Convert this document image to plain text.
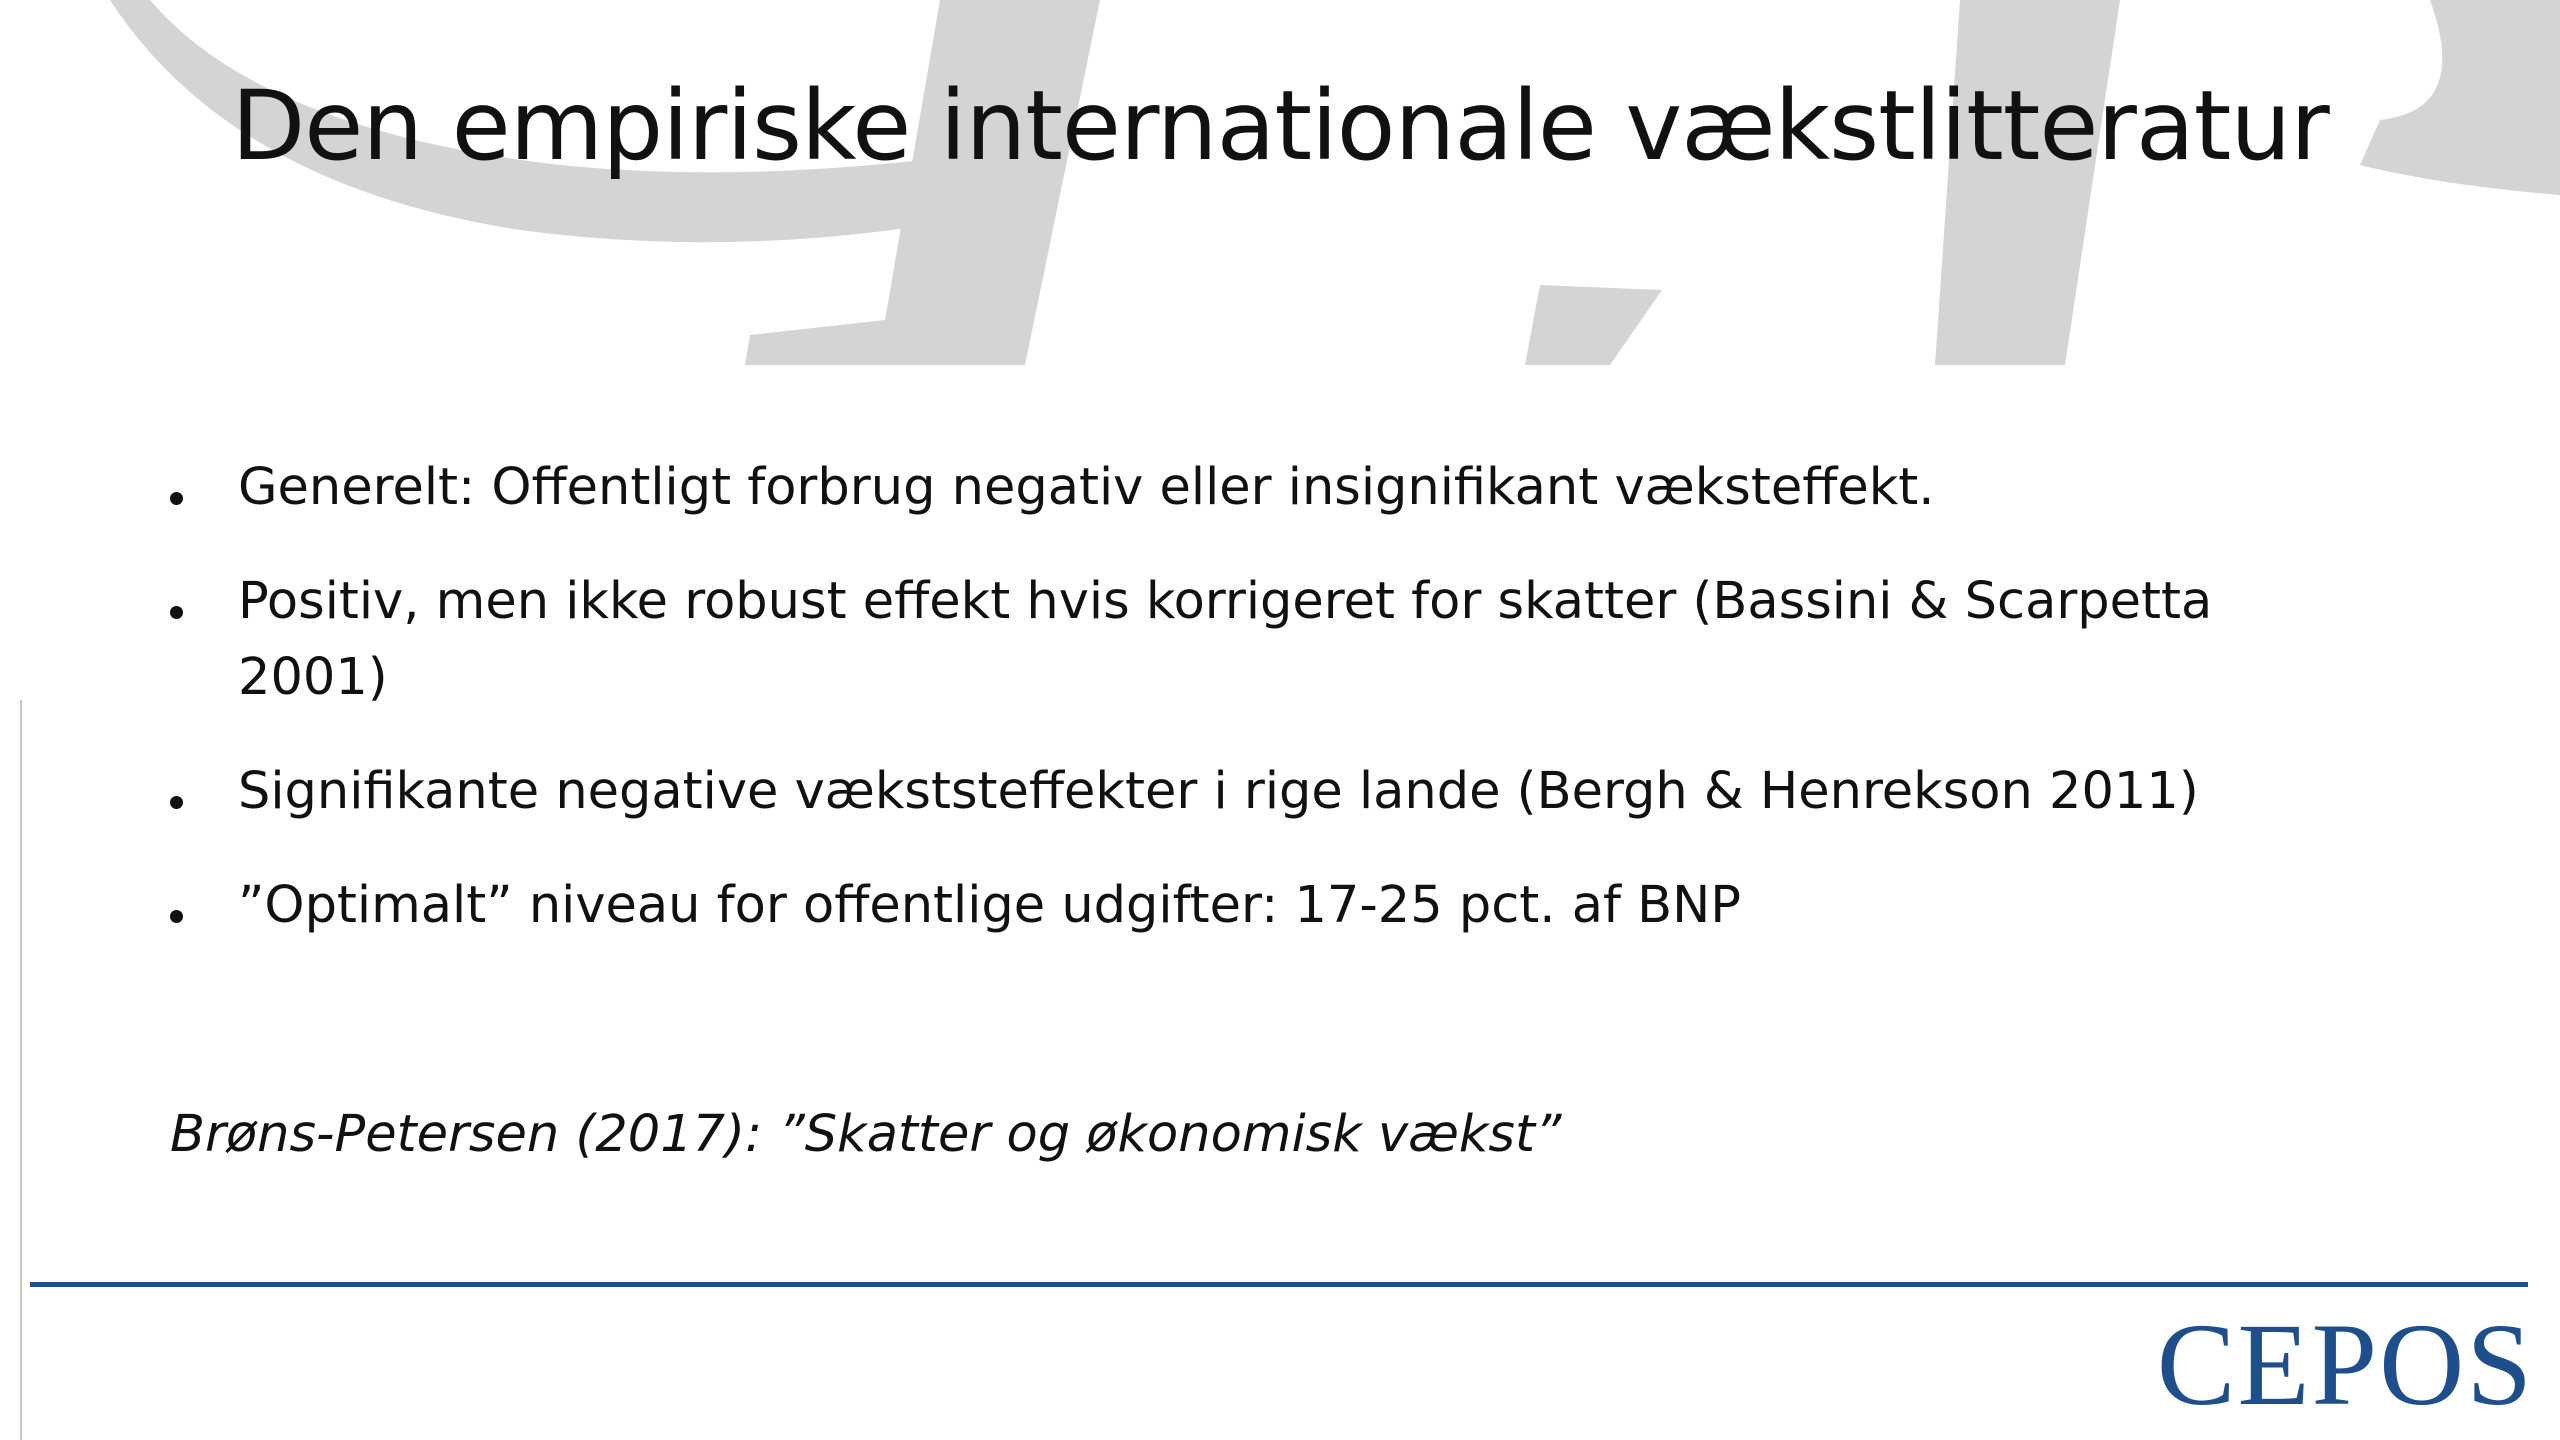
Den empiriske internationale vækstlitteratur
Generelt: Offentligt forbrug negativ eller insignifikant væksteffekt.
Positiv, men ikke robust effekt hvis korrigeret for skatter (Bassini & Scarpetta 2001)
Signifikante negative vækststeffekter i rige lande (Bergh & Henrekson 2011)
”Optimalt” niveau for offentlige udgifter: 17-25 pct. af BNP
Brøns-Petersen (2017): ”Skatter og økonomisk vækst”
CEPOS
